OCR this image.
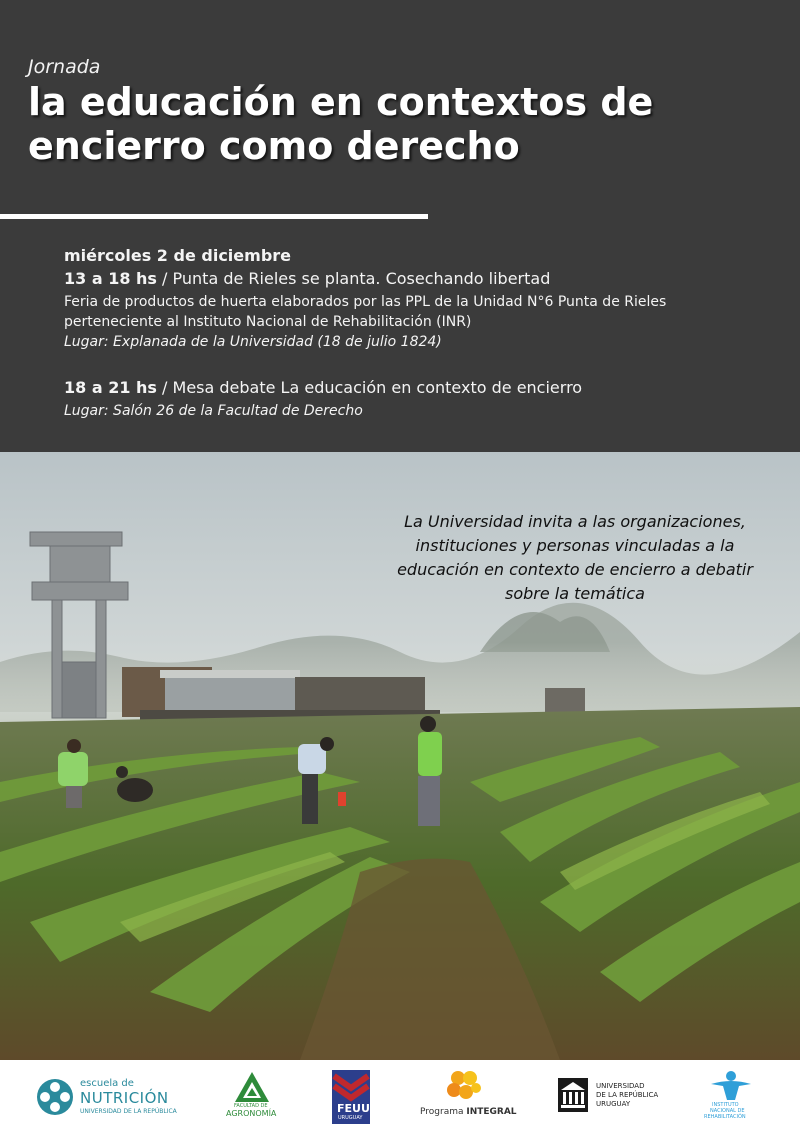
Jornada
la educación en contextos de
encierro como derecho

miércoles 2 de diciembre

13 a 18 hs / Punta de Rieles se planta. Cosechando libertad

Feria de productos de huerta elaborados por las PPL de la Unidad N°6 Punta de Rieles

perteneciente al Instituto Nacional de Rehabilitación (INR)

Lugar: Explanada de la Universidad (18 de julio 1824)

18 a 21 hs / Mesa debate La educación en contexto de encierro

Lugar: Salón 26 de la Facultad de Derecho

La Universidad invita a las organizaciones,
instituciones y personas vinculadas a la
educación en contexto de encierro a debatir
sobre la temática
escuela de
NUTRICIÓN
UNIVERSIDAD DE LA REPÚBLICA
FACULTAD DE
AGRONOMÍA	FEUU
URUGUAY
Programa INTEGRAL
UNIVERSIDAD
DE LA REPÚBLICA
URUGUAY	INSTITUTO
NACIONAL DE
REHABILITACIÓN
